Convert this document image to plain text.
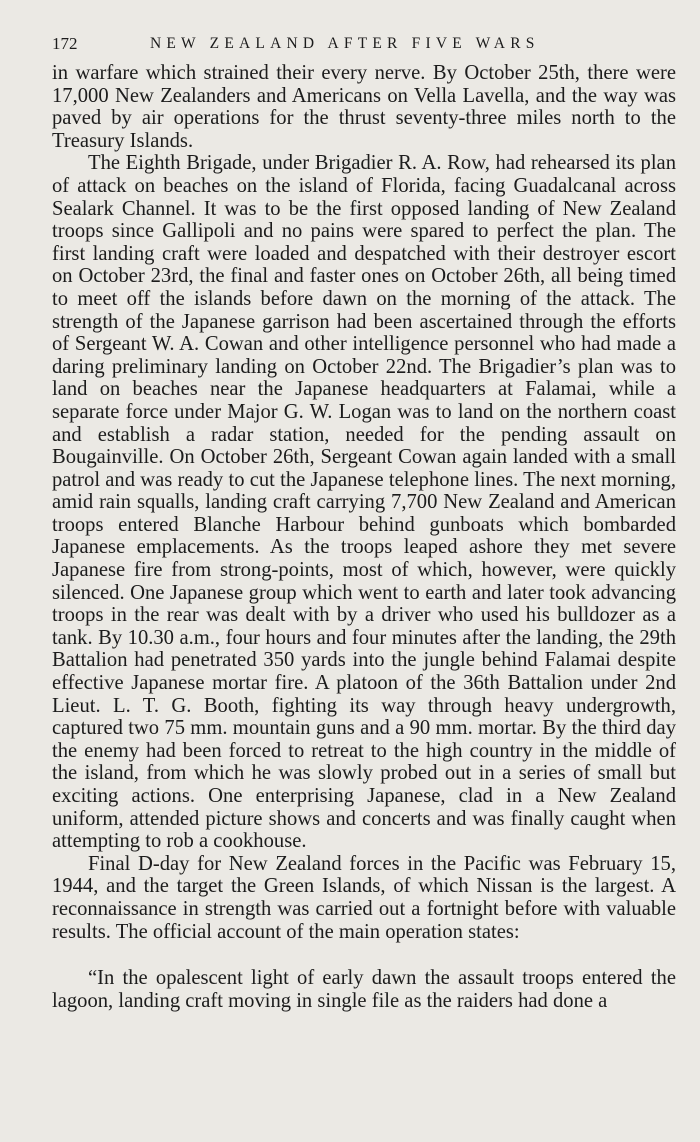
172	NEW ZEALAND AFTER FIVE WARS

in warfare which strained their every nerve. By October 25th, there were 17,000 New Zealanders and Americans on Vella Lavella, and the way was paved by air operations for the thrust seventy-three miles north to the Treasury Islands.

The Eighth Brigade, under Brigadier R. A. Row, had rehearsed its plan of attack on beaches on the island of Florida, facing Guadalcanal across Sealark Channel. It was to be the first opposed landing of New Zealand troops since Gallipoli and no pains were spared to perfect the plan. The first landing craft were loaded and despatched with their destroyer escort on October 23rd, the final and faster ones on October 26th, all being timed to meet off the islands before dawn on the morning of the attack. The strength of the Japanese garrison had been ascertained through the efforts of Sergeant W. A. Cowan and other intelligence personnel who had made a daring preliminary landing on October 22nd. The Brigadier’s plan was to land on beaches near the Japanese headquarters at Falamai, while a separate force under Major G. W. Logan was to land on the northern coast and establish a radar station, needed for the pending assault on Bougainville. On October 26th, Sergeant Cowan again landed with a small patrol and was ready to cut the Japanese telephone lines. The next morning, amid rain squalls, landing craft carrying 7,700 New Zealand and American troops entered Blanche Harbour behind gunboats which bombarded Japanese emplacements. As the troops leaped ashore they met severe Japanese fire from strong-points, most of which, however, were quickly silenced. One Japanese group which went to earth and later took advancing troops in the rear was dealt with by a driver who used his bulldozer as a tank. By 10.30 a.m., four hours and four minutes after the landing, the 29th Battalion had penetrated 350 yards into the jungle behind Falamai despite effective Japanese mortar fire. A platoon of the 36th Battalion under 2nd Lieut. L. T. G. Booth, fighting its way through heavy undergrowth, captured two 75 mm. mountain guns and a 90 mm. mortar. By the third day the enemy had been forced to retreat to the high country in the middle of the island, from which he was slowly probed out in a series of small but exciting actions. One enterprising Japanese, clad in a New Zealand uniform, attended picture shows and concerts and was finally caught when attempting to rob a cookhouse.

Final D-day for New Zealand forces in the Pacific was February 15, 1944, and the target the Green Islands, of which Nissan is the largest. A reconnaissance in strength was carried out a fortnight before with valuable results. The official account of the main operation states:

“In the opalescent light of early dawn the assault troops entered the lagoon, landing craft moving in single file as the raiders had done a
